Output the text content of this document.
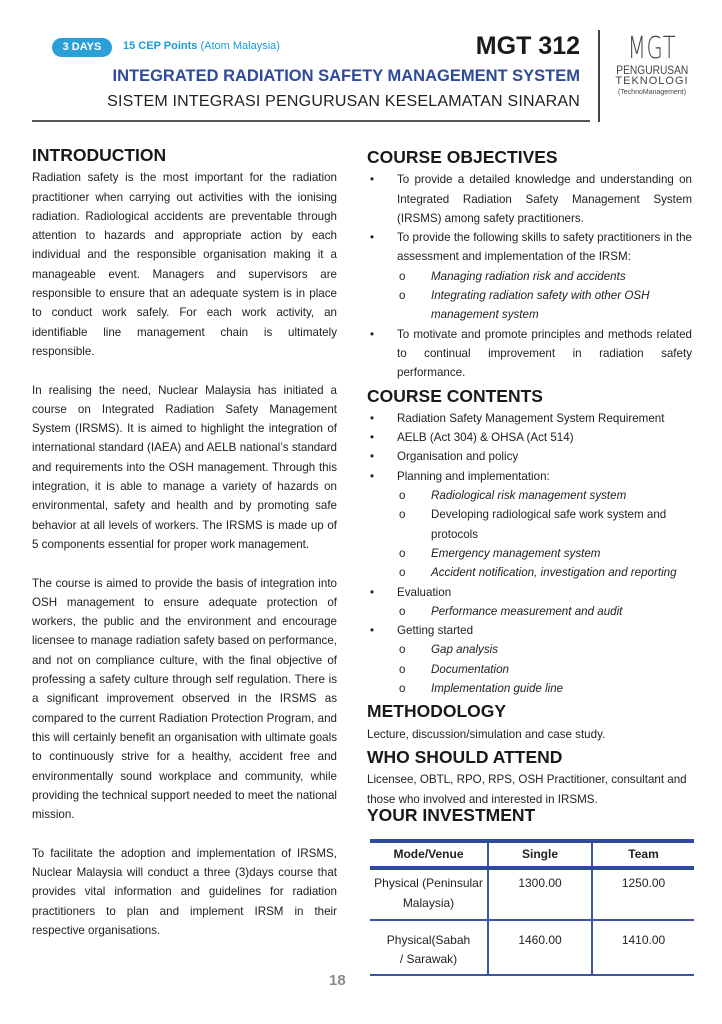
3 DAYS	15 CEP Points (Atom Malaysia)	MGT 312
INTEGRATED RADIATION SAFETY MANAGEMENT SYSTEM
SISTEM INTEGRASI PENGURUSAN KESELAMATAN SINARAN
MGT
PENGURUSAN
TEKNOLOGI
(TechnoManagement)
INTRODUCTION

Radiation safety is the most important for the radiation practitioner when carrying out activities with the ionising radiation. Radiological accidents are preventable through attention to hazards and appropriate action by each individual and the responsible organisation making it a manageable event. Managers and supervisors are responsible to ensure that an adequate system is in place to conduct work safely. For each work activity, an identifiable line management chain is ultimately responsible.

In realising the need, Nuclear Malaysia has initiated a course on Integrated Radiation Safety Management System (IRSMS). It is aimed to highlight the integration of international standard (IAEA) and AELB national’s standard and requirements into the OSH management. Through this integration, it is able to manage a variety of hazards on environmental, safety and health and by promoting safe behavior at all levels of workers. The IRSMS is made up of 5 components essential for proper work management.

The course is aimed to provide the basis of integration into OSH management to ensure adequate protection of workers, the public and the environment and encourage licensee to manage radiation safety based on performance, and not on compliance culture, with the final objective of professing a safety culture through self regulation. There is a significant improvement observed in the IRSMS as compared to the current Radiation Protection Program, and this will certainly benefit an organisation with ultimate goals to continuously strive for a healthy, accident free and environmentally sound workplace and community, while providing the technical support needed to meet the national mission.

To facilitate the adoption and implementation of IRSMS, Nuclear Malaysia will conduct a three (3)days course that provides vital information and guidelines for radiation practitioners to plan and implement IRSM in their respective organisations.

COURSE OBJECTIVES
• To provide a detailed knowledge and understanding on Integrated Radiation Safety Management System (IRSMS) among safety practitioners.
• To provide the following skills to safety practitioners in the assessment and implementation of the IRSM:
o Managing radiation risk and accidents
o Integrating radiation safety with other OSH management system
• To motivate and promote principles and methods related to continual improvement in radiation safety performance.
COURSE CONTENTS
• Radiation Safety Management System Requirement
• AELB (Act 304) & OHSA (Act 514)
• Organisation and policy
• Planning and implementation:
o Radiological risk management system
o Developing radiological safe work system and protocols
o Emergency management system
o Accident notification, investigation and reporting
• Evaluation
o Performance measurement and audit
• Getting started
o Gap analysis
o Documentation
o Implementation guide line
METHODOLOGY
Lecture, discussion/simulation and case study.
WHO SHOULD ATTEND
Licensee, OBTL, RPO, RPS, OSH Practitioner, consultant and those who involved and interested in IRSMS.
YOUR INVESTMENT
Mode/Venue	Single	Team
Physical (Peninsular Malaysia)	1300.00	1250.00
Physical(Sabah / Sarawak)	1460.00	1410.00
18
